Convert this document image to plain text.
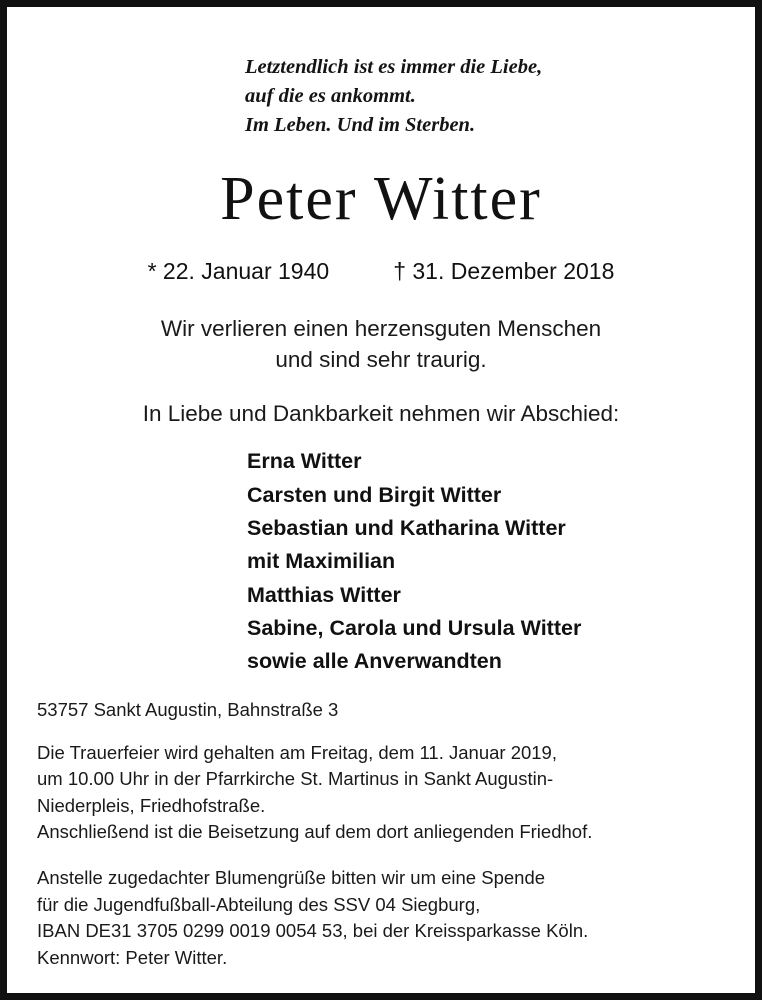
Letztendlich ist es immer die Liebe,
auf die es ankommt.
Im Leben. Und im Sterben.
Peter Witter
* 22. Januar 1940	† 31. Dezember 2018
Wir verlieren einen herzensguten Menschen
und sind sehr traurig.
In Liebe und Dankbarkeit nehmen wir Abschied:
Erna Witter
Carsten und Birgit Witter
Sebastian und Katharina Witter
mit Maximilian
Matthias Witter
Sabine, Carola und Ursula Witter
sowie alle Anverwandten
53757 Sankt Augustin, Bahnstraße 3
Die Trauerfeier wird gehalten am Freitag, dem 11. Januar 2019,
um 10.00 Uhr in der Pfarrkirche St. Martinus in Sankt Augustin-
Niederpleis, Friedhofstraße.
Anschließend ist die Beisetzung auf dem dort anliegenden Friedhof.
Anstelle zugedachter Blumengrüße bitten wir um eine Spende
für die Jugendfußball-Abteilung des SSV 04 Siegburg,
IBAN DE31 3705 0299 0019 0054 53, bei der Kreissparkasse Köln.
Kennwort: Peter Witter.
